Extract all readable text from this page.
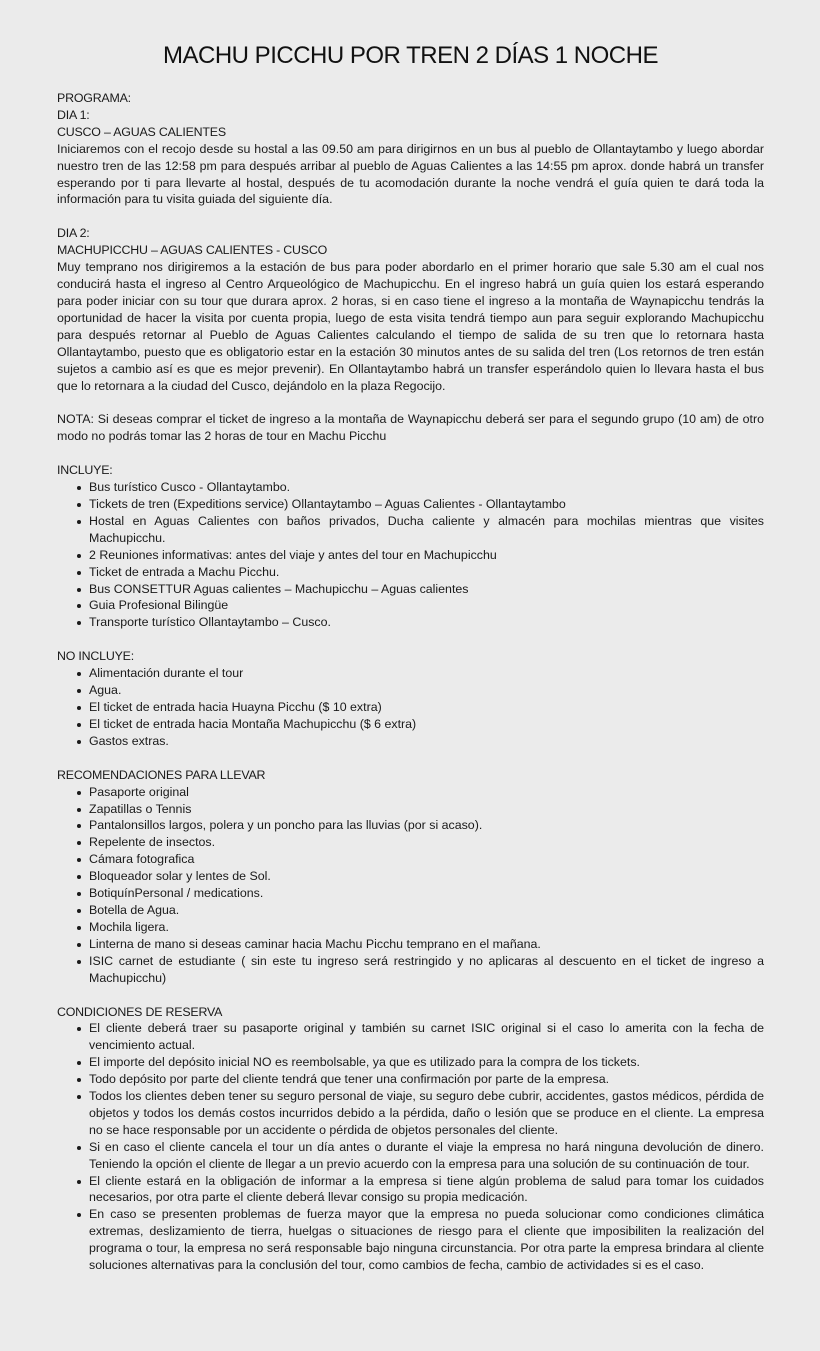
MACHU PICCHU POR TREN 2 DÍAS 1 NOCHE
PROGRAMA:
DIA 1:
CUSCO – AGUAS CALIENTES

Iniciaremos con el recojo desde su hostal a las 09.50 am para dirigirnos en un bus al pueblo de Ollantaytambo y luego abordar nuestro tren de las 12:58 pm para después arribar al pueblo de Aguas Calientes a las 14:55 pm aprox. donde habrá un transfer esperando por ti para llevarte al hostal, después de tu acomodación durante la noche vendrá el guía quien te dará toda la información para tu visita guiada del siguiente día.

DIA 2:
MACHUPICCHU – AGUAS CALIENTES - CUSCO

Muy temprano nos dirigiremos a la estación de bus para poder abordarlo en el primer horario que sale 5.30 am el cual nos conducirá hasta el ingreso al Centro Arqueológico de Machupicchu. En el ingreso habrá un guía quien los estará esperando para poder iniciar con su tour que durara aprox. 2 horas, si en caso tiene el ingreso a la montaña de Waynapicchu tendrás la oportunidad de hacer la visita por cuenta propia, luego de esta visita tendrá tiempo aun para seguir explorando Machupicchu para después retornar al Pueblo de Aguas Calientes calculando el tiempo de salida de su tren que lo retornara hasta Ollantaytambo, puesto que es obligatorio estar en la estación 30 minutos antes de su salida del tren (Los retornos de tren están sujetos a cambio así es que es mejor prevenir). En Ollantaytambo habrá un transfer esperándolo quien lo llevara hasta el bus que lo retornara a la ciudad del Cusco, dejándolo en la plaza Regocijo.

NOTA: Si deseas comprar el ticket de ingreso a la montaña de Waynapicchu deberá ser para el segundo grupo (10 am) de otro modo no podrás tomar las 2 horas de tour en Machu Picchu

INCLUYE:
Bus turístico Cusco - Ollantaytambo.
Tickets de tren (Expeditions service) Ollantaytambo – Aguas Calientes - Ollantaytambo
Hostal en Aguas Calientes con baños privados, Ducha caliente y almacén para mochilas mientras que visites Machupicchu.
2 Reuniones informativas: antes del viaje y antes del tour en Machupicchu
Ticket de entrada a Machu Picchu.
Bus CONSETTUR Aguas calientes – Machupicchu – Aguas calientes
Guia Profesional Bilingüe
Transporte turístico Ollantaytambo – Cusco.
NO INCLUYE:
Alimentación durante el tour
Agua.
El ticket de entrada hacia Huayna Picchu ($ 10 extra)
El ticket de entrada hacia Montaña Machupicchu ($ 6 extra)
Gastos extras.
RECOMENDACIONES PARA LLEVAR
Pasaporte original
Zapatillas o Tennis
Pantalonsillos largos, polera y un poncho para las lluvias (por si acaso).
Repelente de insectos.
Cámara fotografica
Bloqueador solar y lentes de Sol.
BotiquínPersonal / medications.
Botella de Agua.
Mochila ligera.
Linterna de mano si deseas caminar hacia Machu Picchu temprano en el mañana.
ISIC carnet de estudiante ( sin este tu ingreso será restringido y no aplicaras al descuento en el ticket de ingreso a Machupicchu)
CONDICIONES DE RESERVA
El cliente deberá traer su pasaporte original y también su carnet ISIC original si el caso lo amerita con la fecha de vencimiento actual.
El importe del depósito inicial NO es reembolsable, ya que es utilizado para la compra de los tickets.
Todo depósito por parte del cliente tendrá que tener una confirmación por parte de la empresa.
Todos los clientes deben tener su seguro personal de viaje, su seguro debe cubrir, accidentes, gastos médicos, pérdida de objetos y todos los demás costos incurridos debido a la pérdida, daño o lesión que se produce en el cliente. La empresa no se hace responsable por un accidente o pérdida de objetos personales del cliente.
Si en caso el cliente cancela el tour un día antes o durante el viaje la empresa no hará ninguna devolución de dinero. Teniendo la opción el cliente de llegar a un previo acuerdo con la empresa para una solución de su continuación de tour.
El cliente estará en la obligación de informar a la empresa si tiene algún problema de salud para tomar los cuidados necesarios, por otra parte el cliente deberá llevar consigo su propia medicación.
En caso se presenten problemas de fuerza mayor que la empresa no pueda solucionar como condiciones climática extremas, deslizamiento de tierra, huelgas o situaciones de riesgo para el cliente que imposibiliten la realización del programa o tour, la empresa no será responsable bajo ninguna circunstancia. Por otra parte la empresa brindara al cliente soluciones alternativas para la conclusión del tour, como cambios de fecha, cambio de actividades si es el caso.
